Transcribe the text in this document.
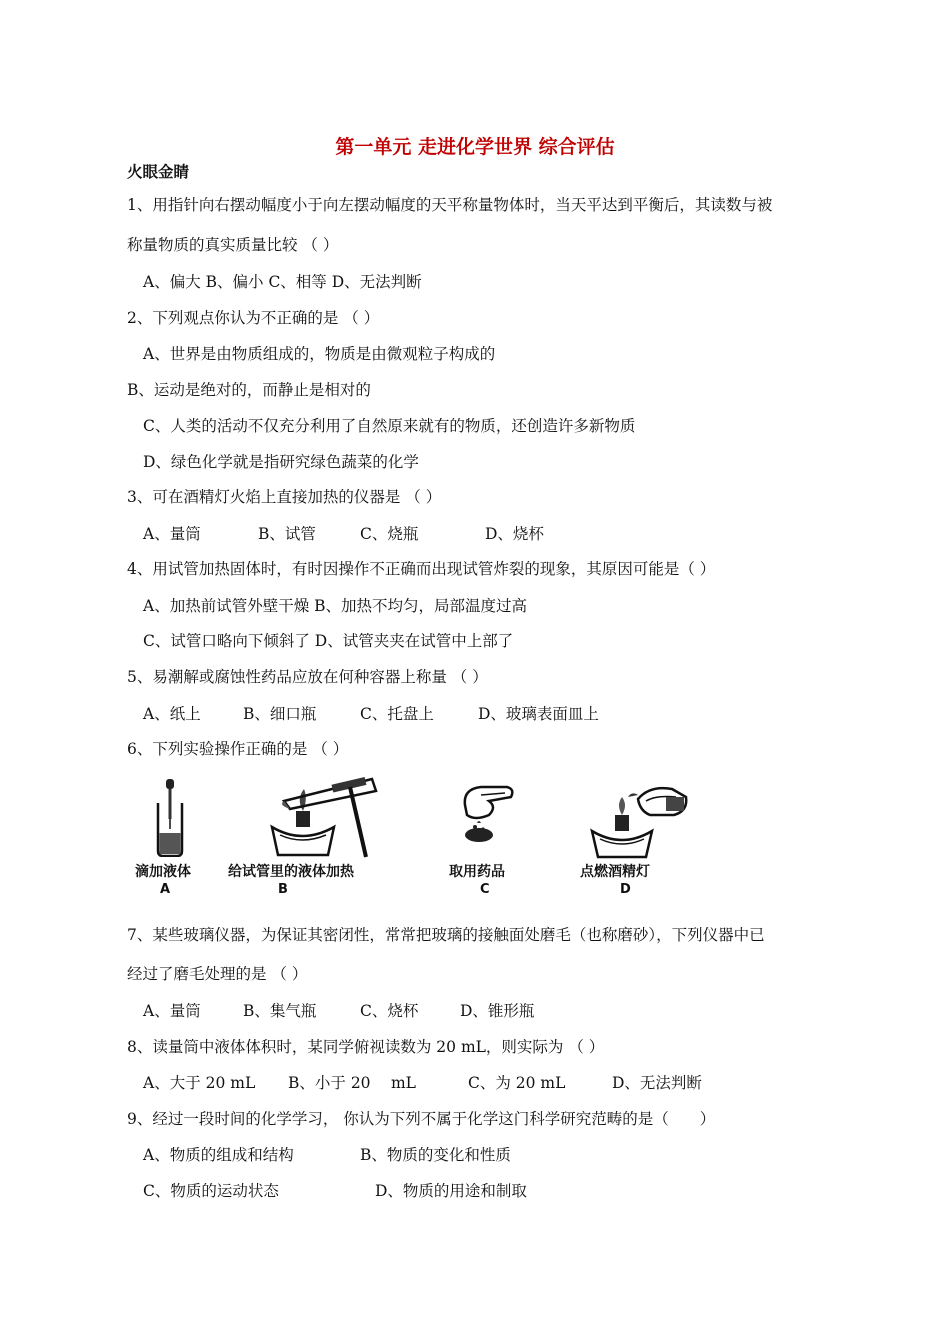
第一单元 走进化学世界 综合评估
火眼金睛
1、用指针向右摆动幅度小于向左摆动幅度的天平称量物体时，当天平达到平衡后，其读数与被
称量物质的真实质量比较 （ ）
A、偏大 B、偏小 C、相等 D、无法判断
2、下列观点你认为不正确的是 （ ）
A、世界是由物质组成的，物质是由微观粒子构成的
B、运动是绝对的，而静止是相对的
C、人类的活动不仅充分利用了自然原来就有的物质，还创造许多新物质
D、绿色化学就是指研究绿色蔬菜的化学
3、可在酒精灯火焰上直接加热的仪器是 （ ）
A、量筒	B、试管	C、烧瓶	D、烧杯
4、用试管加热固体时，有时因操作不正确而出现试管炸裂的现象，其原因可能是（ ）
A、加热前试管外壁干燥 B、加热不均匀，局部温度过高
C、试管口略向下倾斜了 D、试管夹夹在试管中上部了
5、易潮解或腐蚀性药品应放在何种容器上称量 （ ）
A、纸上	B、细口瓶	C、托盘上	D、玻璃表面皿上
6、下列实验操作正确的是 （ ）
滴加液体
A
给试管里的液体加热
B
取用药品
C
点燃酒精灯
D
7、某些玻璃仪器，为保证其密闭性，常常把玻璃的接触面处磨毛（也称磨砂），下列仪器中已
经过了磨毛处理的是 （ ）
A、量筒	B、集气瓶	C、烧杯	D、锥形瓶
8、读量筒中液体体积时，某同学俯视读数为 20 mL，则实际为 （ ）
A、大于 20 mL B、小于 20　 mL	C、为 20 mL	D、无法判断
9、经过一段时间的化学学习， 你认为下列不属于化学这门科学研究范畴的是（　　）
A、物质的组成和结构	B、物质的变化和性质
C、物质的运动状态	D、物质的用途和制取
